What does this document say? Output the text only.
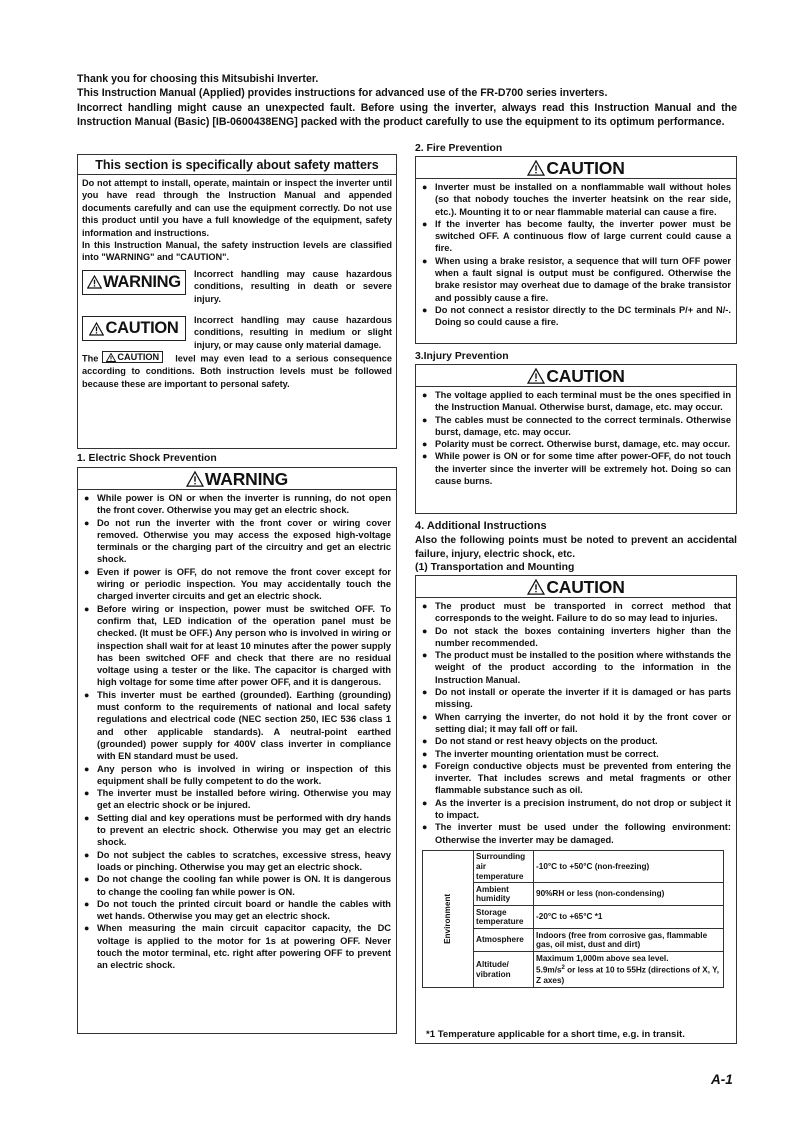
Thank you for choosing this Mitsubishi Inverter.

This Instruction Manual (Applied) provides instructions for advanced use of the FR-D700 series inverters.

Incorrect handling might cause an unexpected fault. Before using the inverter, always read this Instruction Manual and the Instruction Manual (Basic) [IB-0600438ENG] packed with the product carefully to use the equipment to its optimum performance.

This section is specifically about safety matters

Do not attempt to install, operate, maintain or inspect the inverter until you have read through the Instruction Manual and appended documents carefully and can use the equipment correctly. Do not use this product until you have a full knowledge of the equipment, safety information and instructions.

In this Instruction Manual, the safety instruction levels are classified into "WARNING" and "CAUTION".

WARNING Incorrect handling may cause hazardous conditions, resulting in death or severe injury.
CAUTION Incorrect handling may cause hazardous conditions, resulting in medium or slight injury, or may cause only material damage.

The CAUTION level may even lead to a serious consequence according to conditions. Both instruction levels must be followed because these are important to personal safety.

1. Electric Shock Prevention
WARNING
● While power is ON or when the inverter is running, do not open the front cover. Otherwise you may get an electric shock.
● Do not run the inverter with the front cover or wiring cover removed. Otherwise you may access the exposed high-voltage terminals or the charging part of the circuitry and get an electric shock.
● Even if power is OFF, do not remove the front cover except for wiring or periodic inspection. You may accidentally touch the charged inverter circuits and get an electric shock.
● Before wiring or inspection, power must be switched OFF. To confirm that, LED indication of the operation panel must be checked. (It must be OFF.) Any person who is involved in wiring or inspection shall wait for at least 10 minutes after the power supply has been switched OFF and check that there are no residual voltage using a tester or the like. The capacitor is charged with high voltage for some time after power OFF, and it is dangerous.
● This inverter must be earthed (grounded). Earthing (grounding) must conform to the requirements of national and local safety regulations and electrical code (NEC section 250, IEC 536 class 1 and other applicable standards). A neutral-point earthed (grounded) power supply for 400V class inverter in compliance with EN standard must be used.
● Any person who is involved in wiring or inspection of this equipment shall be fully competent to do the work.
● The inverter must be installed before wiring. Otherwise you may get an electric shock or be injured.
● Setting dial and key operations must be performed with dry hands to prevent an electric shock. Otherwise you may get an electric shock.
● Do not subject the cables to scratches, excessive stress, heavy loads or pinching. Otherwise you may get an electric shock.
● Do not change the cooling fan while power is ON. It is dangerous to change the cooling fan while power is ON.
● Do not touch the printed circuit board or handle the cables with wet hands. Otherwise you may get an electric shock.
● When measuring the main circuit capacitor capacity, the DC voltage is applied to the motor for 1s at powering OFF. Never touch the motor terminal, etc. right after powering OFF to prevent an electric shock.
2. Fire Prevention
CAUTION
● Inverter must be installed on a nonflammable wall without holes (so that nobody touches the inverter heatsink on the rear side, etc.). Mounting it to or near flammable material can cause a fire.
● If the inverter has become faulty, the inverter power must be switched OFF. A continuous flow of large current could cause a fire.
● When using a brake resistor, a sequence that will turn OFF power when a fault signal is output must be configured. Otherwise the brake resistor may overheat due to damage of the brake transistor and possibly cause a fire.
● Do not connect a resistor directly to the DC terminals P/+ and N/-. Doing so could cause a fire.
3.Injury Prevention
CAUTION
● The voltage applied to each terminal must be the ones specified in the Instruction Manual. Otherwise burst, damage, etc. may occur.
● The cables must be connected to the correct terminals. Otherwise burst, damage, etc. may occur.
● Polarity must be correct. Otherwise burst, damage, etc. may occur.
● While power is ON or for some time after power-OFF, do not touch the inverter since the inverter will be extremely hot. Doing so can cause burns.
4. Additional Instructions
Also the following points must be noted to prevent an accidental failure, injury, electric shock, etc.
(1) Transportation and Mounting
CAUTION
● The product must be transported in correct method that corresponds to the weight. Failure to do so may lead to injuries.
● Do not stack the boxes containing inverters higher than the number recommended.
● The product must be installed to the position where withstands the weight of the product according to the information in the Instruction Manual.
● Do not install or operate the inverter if it is damaged or has parts missing.
● When carrying the inverter, do not hold it by the front cover or setting dial; it may fall off or fail.
● Do not stand or rest heavy objects on the product.
● The inverter mounting orientation must be correct.
● Foreign conductive objects must be prevented from entering the inverter. That includes screws and metal fragments or other flammable substance such as oil.
● As the inverter is a precision instrument, do not drop or subject it to impact.
● The inverter must be used under the following environment: Otherwise the inverter may be damaged.
Environment	Surrounding air temperature	-10°C to +50°C (non-freezing)
	Ambient humidity	90%RH or less (non-condensing)
	Storage temperature	-20°C to +65°C *1
	Atmosphere	Indoors (free from corrosive gas, flammable gas, oil mist, dust and dirt)
	Altitude/ vibration	Maximum 1,000m above sea level.
$5.9m/s^2$ or less at 10 to 55Hz (directions of X, Y, Z axes)
*1 Temperature applicable for a short time, e.g. in transit.
A-1
